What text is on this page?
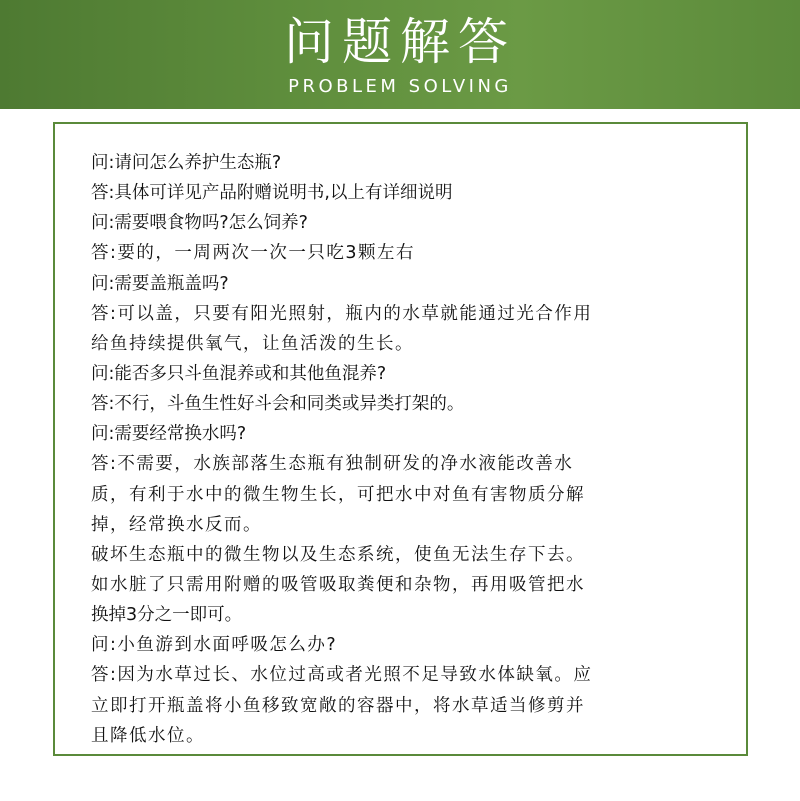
问题解答
PROBLEM SOLVING
问:请问怎么养护生态瓶?
答:具体可详见产品附赠说明书,以上有详细说明
问:需要喂食物吗?怎么饲养?
答:要的，一周两次一次一只吃3颗左右
问:需要盖瓶盖吗?
答:可以盖，只要有阳光照射，瓶内的水草就能通过光合作用
给鱼持续提供氧气，让鱼活泼的生长。
问:能否多只斗鱼混养或和其他鱼混养?
答:不行，斗鱼生性好斗会和同类或异类打架的。
问:需要经常换水吗?
答:不需要，水族部落生态瓶有独制研发的净水液能改善水
质，有利于水中的微生物生长，可把水中对鱼有害物质分解
掉，经常换水反而。
破坏生态瓶中的微生物以及生态系统，使鱼无法生存下去。
如水脏了只需用附赠的吸管吸取粪便和杂物，再用吸管把水
换掉3分之一即可。
问:小鱼游到水面呼吸怎么办?
答:因为水草过长、水位过高或者光照不足导致水体缺氧。应
立即打开瓶盖将小鱼移致宽敞的容器中，将水草适当修剪并
且降低水位。
